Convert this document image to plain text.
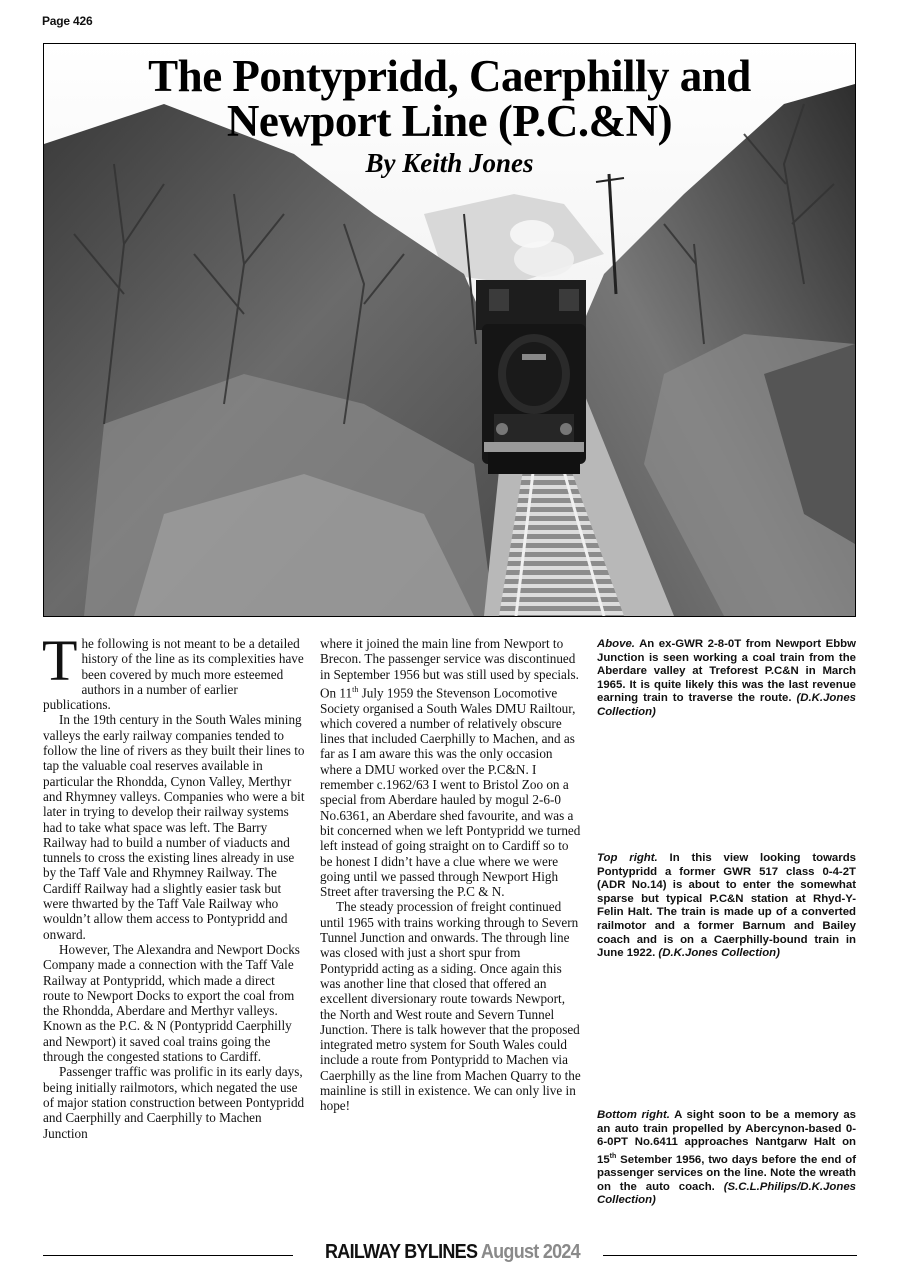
Page 426
The Pontypridd, Caerphilly and
Newport Line (P.C.&N)
By Keith Jones

The following is not meant to be a detailed history of the line as its complexities have been covered by much more esteemed authors in a number of earlier publications.

In the 19th century in the South Wales mining valleys the early railway companies tended to follow the line of rivers as they built their lines to tap the valuable coal reserves available in particular the Rhondda, Cynon Valley, Merthyr and Rhymney valleys. Companies who were a bit later in trying to develop their railway systems had to take what space was left. The Barry Railway had to build a number of viaducts and tunnels to cross the existing lines already in use by the Taff Vale and Rhymney Railway. The Cardiff Railway had a slightly easier task but were thwarted by the Taff Vale Railway who wouldn’t allow them access to Pontypridd and onward.

However, The Alexandra and Newport Docks Company made a connection with the Taff Vale Railway at Pontypridd, which made a direct route to Newport Docks to export the coal from the Rhondda, Aberdare and Merthyr valleys. Known as the P.C. & N (Pontypridd Caerphilly and Newport) it saved coal trains going the through the congested stations to Cardiff.

Passenger traffic was prolific in its early days, being initially railmotors, which negated the use of major station construction between Pontypridd and Caerphilly and Caerphilly to Machen Junction

where it joined the main line from Newport to Brecon. The passenger service was discontinued in September 1956 but was still used by specials. On 11th July 1959 the Stevenson Locomotive Society organised a South Wales DMU Railtour, which covered a number of relatively obscure lines that included Caerphilly to Machen, and as far as I am aware this was the only occasion where a DMU worked over the P.C&N. I remember c.1962/63 I went to Bristol Zoo on a special from Aberdare hauled by mogul 2-6-0 No.6361, an Aberdare shed favourite, and was a bit concerned when we left Pontypridd we turned left instead of going straight on to Cardiff so to be honest I didn’t have a clue where we were going until we passed through Newport High Street after traversing the P.C & N.

The steady procession of freight continued until 1965 with trains working through to Severn Tunnel Junction and onwards. The through line was closed with just a short spur from Pontypridd acting as a siding. Once again this was another line that closed that offered an excellent diversionary route towards Newport, the North and West route and Severn Tunnel Junction. There is talk however that the proposed integrated metro system for South Wales could include a route from Pontypridd to Machen via Caerphilly as the line from Machen Quarry to the mainline is still in existence. We can only live in hope!

Above. An ex-GWR 2-8-0T from Newport Ebbw Junction is seen working a coal train from the Aberdare valley at Treforest P.C&N in March 1965. It is quite likely this was the last revenue earning train to traverse the route. (D.K.Jones Collection)
Top right. In this view looking towards Pontypridd a former GWR 517 class 0-4-2T (ADR No.14) is about to enter the somewhat sparse but typical P.C&N station at Rhyd-Y-Felin Halt. The train is made up of a converted railmotor and a former Barnum and Bailey coach and is on a Caerphilly-bound train in June 1922. (D.K.Jones Collection)
Bottom right. A sight soon to be a memory as an auto train propelled by Abercynon-based 0-6-0PT No.6411 approaches Nantgarw Halt on 15th Setember 1956, two days before the end of passenger services on the line. Note the wreath on the auto coach. (S.C.L.Philips/D.K.Jones Collection)
RAILWAY BYLINES August 2024
